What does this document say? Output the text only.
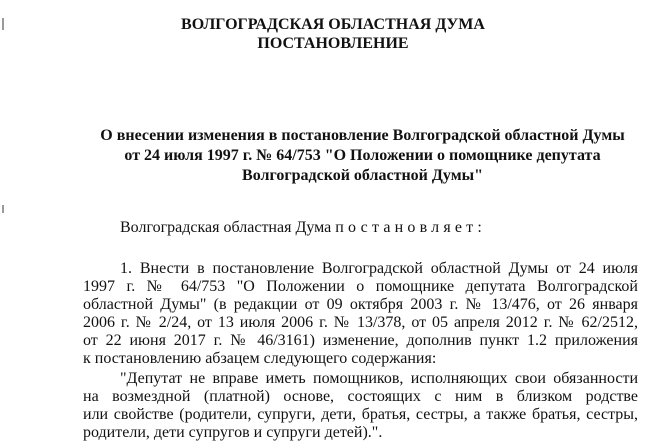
ВОЛГОГРАДСКАЯ ОБЛАСТНАЯ ДУМА
ПОСТАНОВЛЕНИЕ
О внесении изменения в постановление Волгоградской областной Думы
от 24 июля 1997 г. № 64/753 "О Положении о помощнике депутата
Волгоградской областной Думы"
Волгоградская областная Дума постановляет:
1. Внести в постановление Волгоградской областной Думы от 24 июля
1997 г. № 64/753 "О Положении о помощнике депутата Волгоградской
областной Думы" (в редакции от 09 октября 2003 г. № 13/476, от 26 января
2006 г. № 2/24, от 13 июля 2006 г. № 13/378, от 05 апреля 2012 г. № 62/2512,
от 22 июня 2017 г. № 46/3161) изменение, дополнив пункт 1.2 приложения
к постановлению абзацем следующего содержания:
"Депутат не вправе иметь помощников, исполняющих свои обязанности
на возмездной (платной) основе, состоящих с ним в близком родстве
или свойстве (родители, супруги, дети, братья, сестры, а также братья, сестры,
родители, дети супругов и супруги детей).".
